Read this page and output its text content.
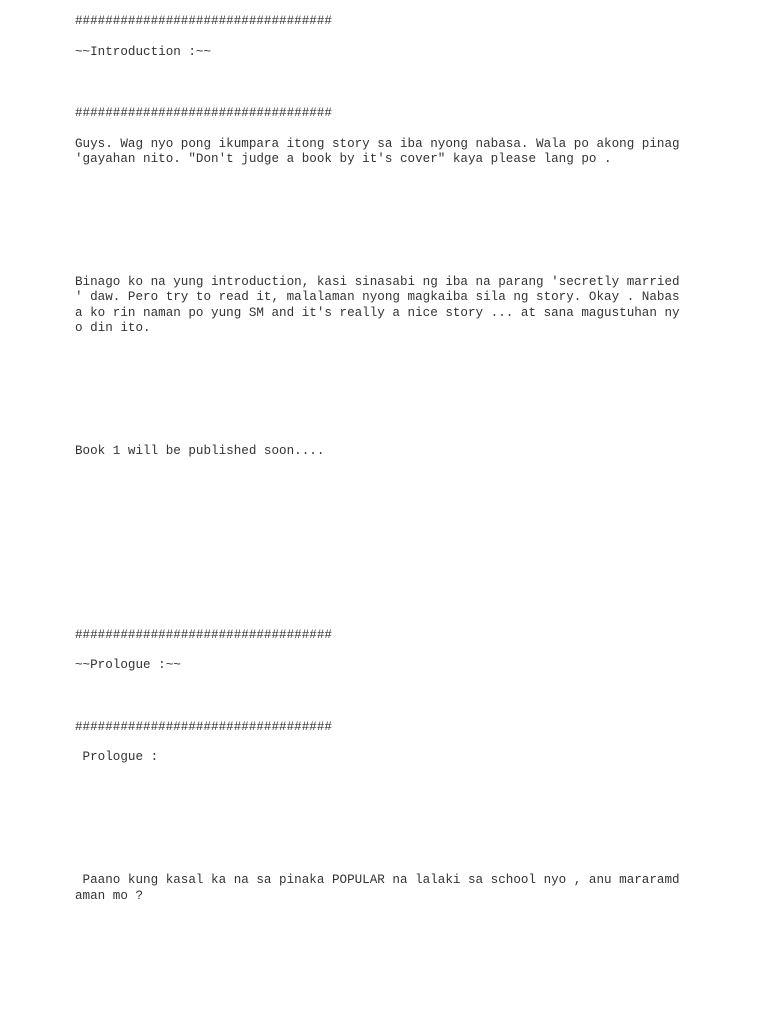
##################################
~~Introduction :~~
##################################
Guys. Wag nyo pong ikumpara itong story sa iba nyong nabasa. Wala po akong pinag
'gayahan nito. "Don't judge a book by it's cover" kaya please lang po .
Binago ko na yung introduction, kasi sinasabi ng iba na parang 'secretly married
' daw. Pero try to read it, malalaman nyong magkaiba sila ng story. Okay . Nabas
a ko rin naman po yung SM and it's really a nice story ... at sana magustuhan ny
o din ito.
Book 1 will be published soon....
##################################
~~Prologue :~~
##################################
Prologue :
Paano kung kasal ka na sa pinaka POPULAR na lalaki sa school nyo , anu mararamd
aman mo ?
